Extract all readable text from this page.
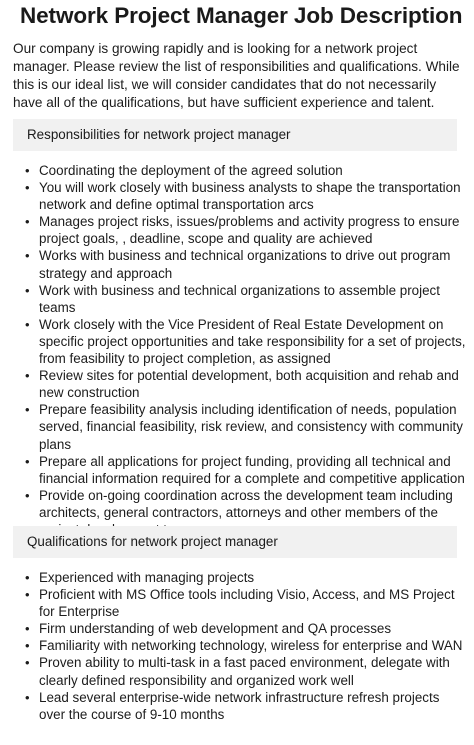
Network Project Manager Job Description

Our company is growing rapidly and is looking for a network project manager. Please review the list of responsibilities and qualifications. While this is our ideal list, we will consider candidates that do not necessarily have all of the qualifications, but have sufficient experience and talent.

Responsibilities for network project manager
• Coordinating the deployment of the agreed solution
• You will work closely with business analysts to shape the transportation network and define optimal transportation arcs
• Manages project risks, issues/problems and activity progress to ensure project goals, , deadline, scope and quality are achieved
• Works with business and technical organizations to drive out program strategy and approach
• Work with business and technical organizations to assemble project teams
• Work closely with the Vice President of Real Estate Development on specific project opportunities and take responsibility for a set of projects, from feasibility to project completion, as assigned
• Review sites for potential development, both acquisition and rehab and new construction
• Prepare feasibility analysis including identification of needs, population served, financial feasibility, risk review, and consistency with community plans
• Prepare all applications for project funding, providing all technical and financial information required for a complete and competitive application
• Provide on-going coordination across the development team including architects, general contractors, attorneys and other members of the
Qualifications for network project manager
• Experienced with managing projects
• Proficient with MS Office tools including Visio, Access, and MS Project for Enterprise
• Firm understanding of web development and QA processes
• Familiarity with networking technology, wireless for enterprise and WAN
• Proven ability to multi-task in a fast paced environment, delegate with clearly defined responsibility and organized work well
• Lead several enterprise-wide network infrastructure refresh projects over the course of 9-10 months
